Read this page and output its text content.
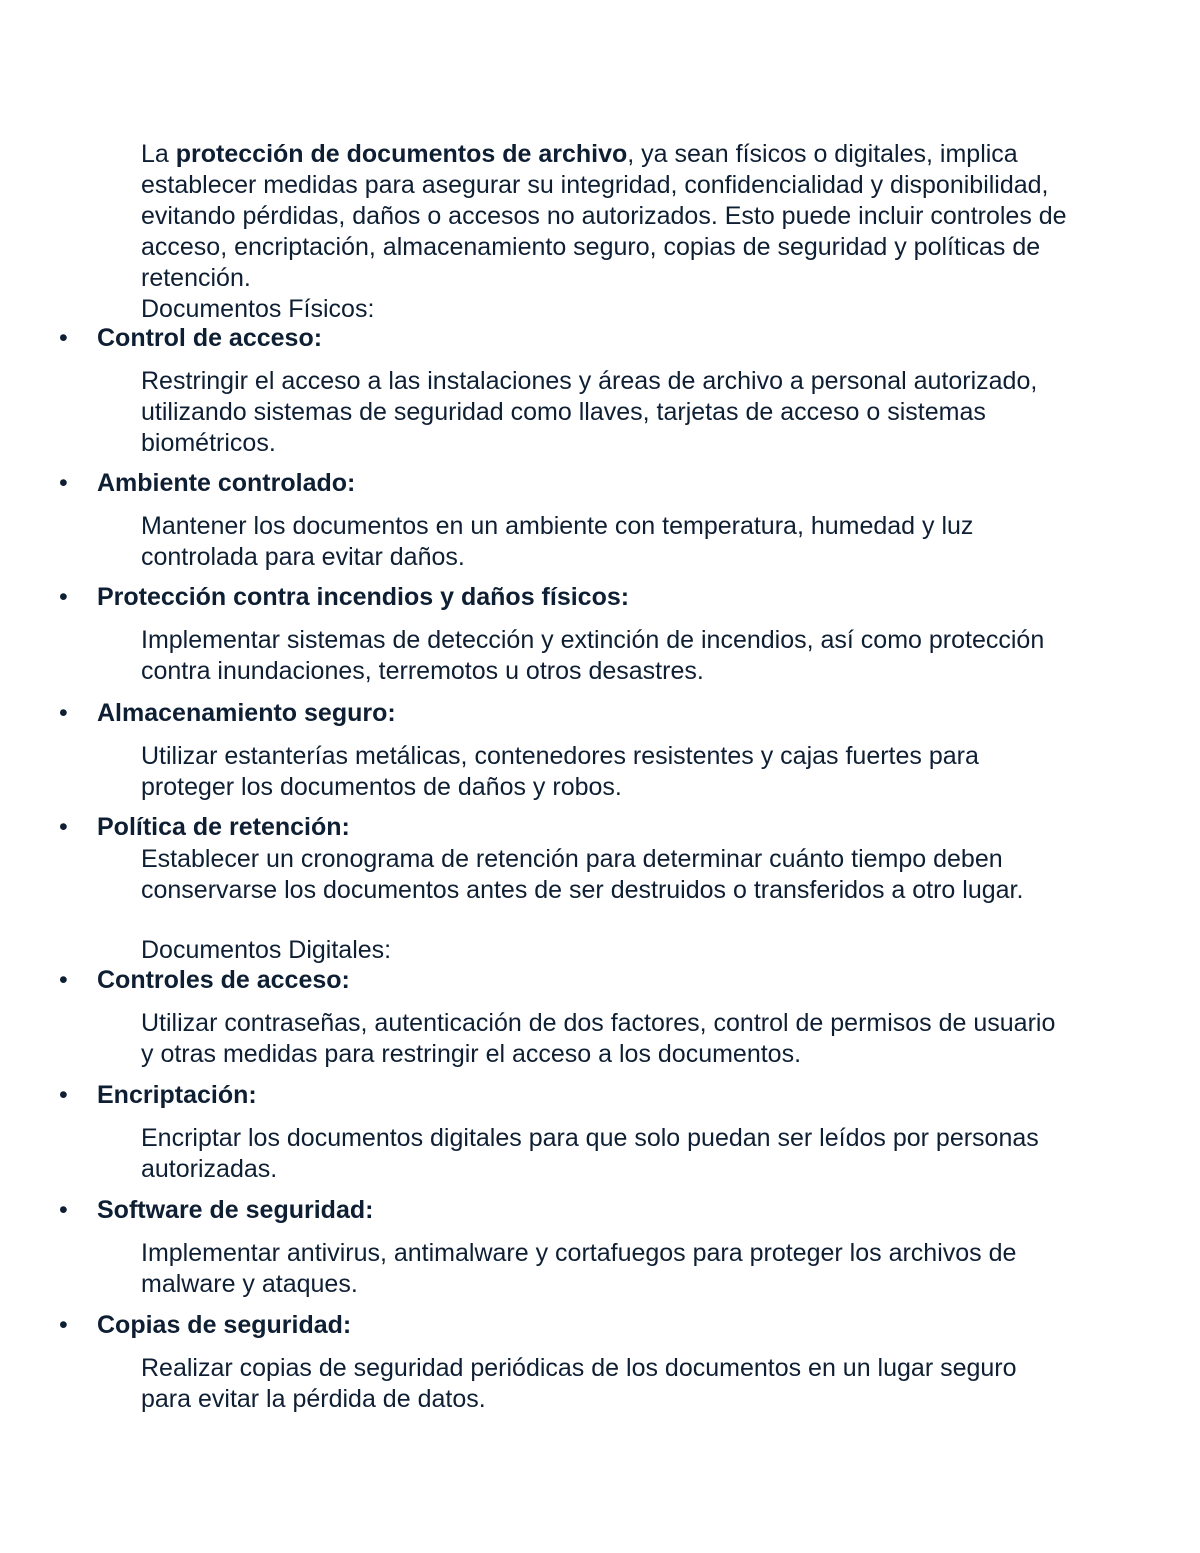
La protección de documentos de archivo, ya sean físicos o digitales, implica establecer medidas para asegurar su integridad, confidencialidad y disponibilidad, evitando pérdidas, daños o accesos no autorizados. Esto puede incluir controles de acceso, encriptación, almacenamiento seguro, copias de seguridad y políticas de retención.

Documentos Físicos:

• Control de acceso:

Restringir el acceso a las instalaciones y áreas de archivo a personal autorizado, utilizando sistemas de seguridad como llaves, tarjetas de acceso o sistemas biométricos.

• Ambiente controlado:

Mantener los documentos en un ambiente con temperatura, humedad y luz controlada para evitar daños.

• Protección contra incendios y daños físicos:

Implementar sistemas de detección y extinción de incendios, así como protección contra inundaciones, terremotos u otros desastres.

• Almacenamiento seguro:

Utilizar estanterías metálicas, contenedores resistentes y cajas fuertes para proteger los documentos de daños y robos.

• Política de retención:

Establecer un cronograma de retención para determinar cuánto tiempo deben conservarse los documentos antes de ser destruidos o transferidos a otro lugar.

Documentos Digitales:
• Controles de acceso:

Utilizar contraseñas, autenticación de dos factores, control de permisos de usuario y otras medidas para restringir el acceso a los documentos.

• Encriptación:

Encriptar los documentos digitales para que solo puedan ser leídos por personas autorizadas.

• Software de seguridad:

Implementar antivirus, antimalware y cortafuegos para proteger los archivos de malware y ataques.

• Copias de seguridad:

Realizar copias de seguridad periódicas de los documentos en un lugar seguro para evitar la pérdida de datos.
